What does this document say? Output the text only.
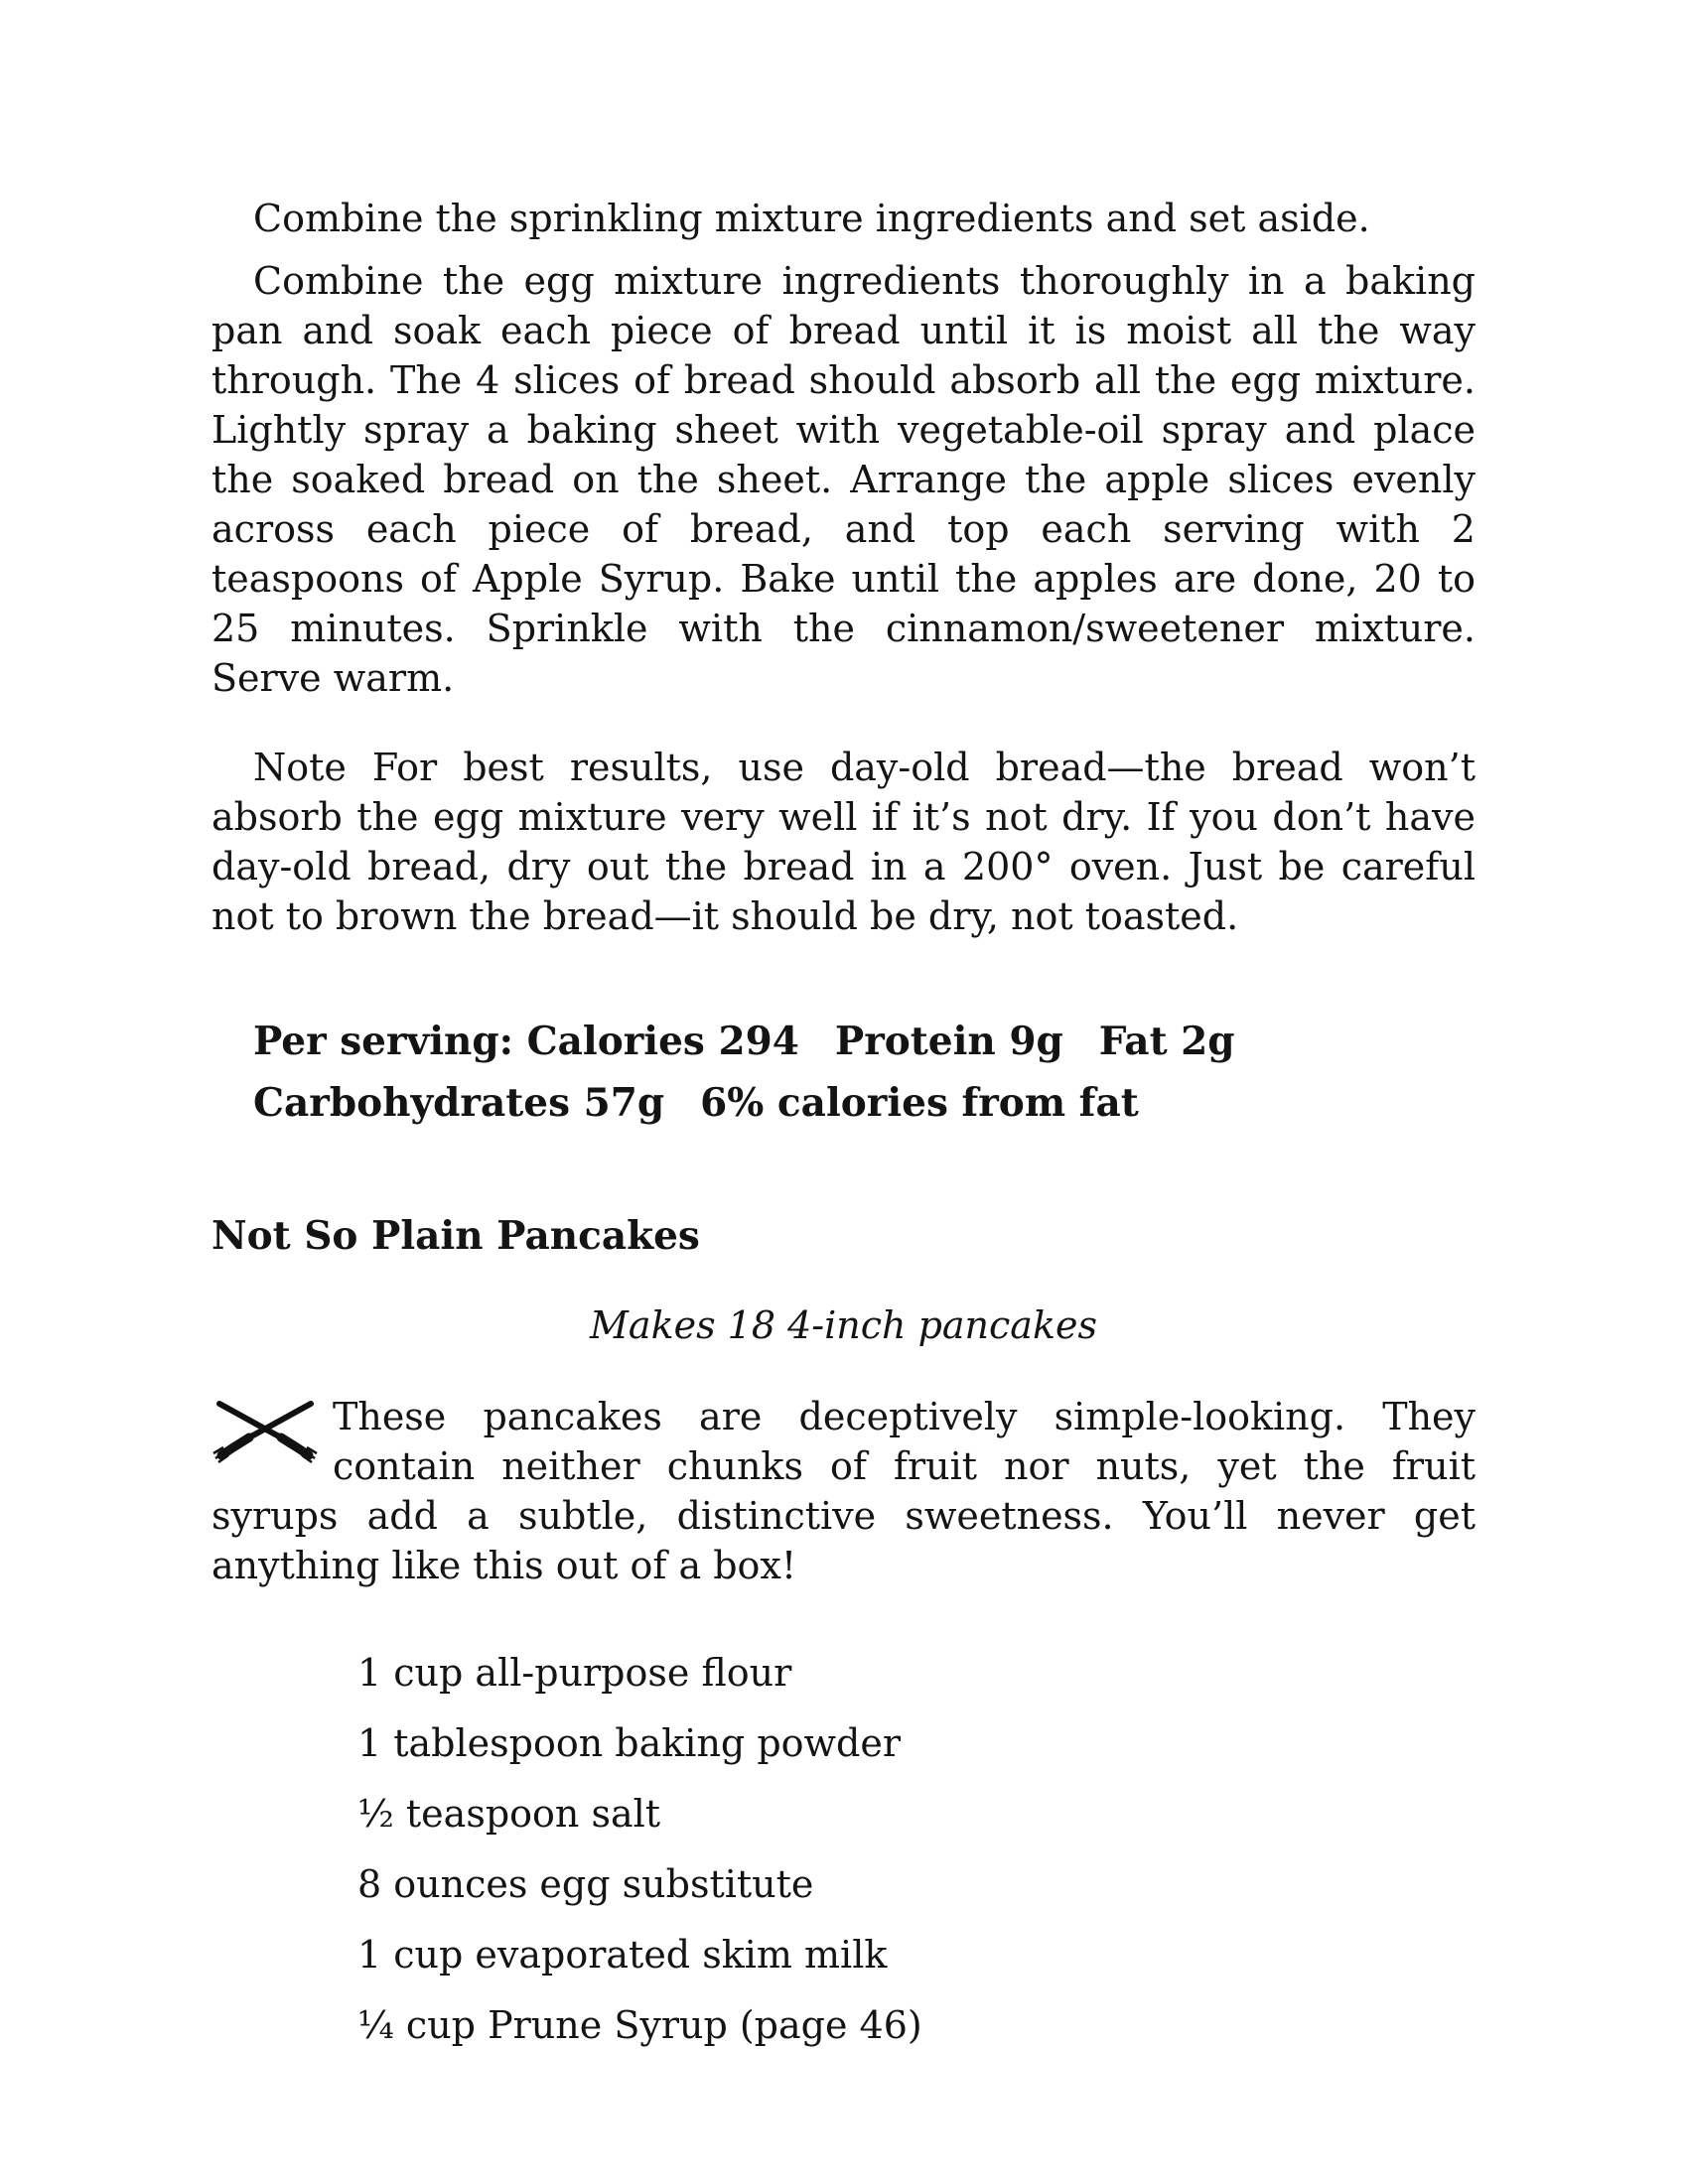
Combine the sprinkling mixture ingredients and set aside.

Combine the egg mixture ingredients thoroughly in a baking pan and soak each piece of bread until it is moist all the way through. The 4 slices of bread should absorb all the egg mixture. Lightly spray a baking sheet with vegetable-oil spray and place the soaked bread on the sheet. Arrange the apple slices evenly across each piece of bread, and top each serving with 2 teaspoons of Apple Syrup. Bake until the apples are done, 20 to 25 minutes. Sprinkle with the cinnamon/sweetener mixture. Serve warm.

Note For best results, use day-old bread—the bread won’t absorb the egg mixture very well if it’s not dry. If you don’t have day-old bread, dry out the bread in a 200° oven. Just be careful not to brown the bread—it should be dry, not toasted.

Per serving: Calories 294 Protein 9g Fat 2g
Carbohydrates 57g 6% calories from fat
Not So Plain Pancakes

Makes 18 4-inch pancakes

These pancakes are deceptively simple-looking. They contain neither chunks of fruit nor nuts, yet the fruit syrups add a subtle, distinctive sweetness. You’ll never get anything like this out of a box!
1 cup all-purpose flour
1 tablespoon baking powder
½ teaspoon salt
8 ounces egg substitute
1 cup evaporated skim milk
¼ cup Prune Syrup (page 46)
